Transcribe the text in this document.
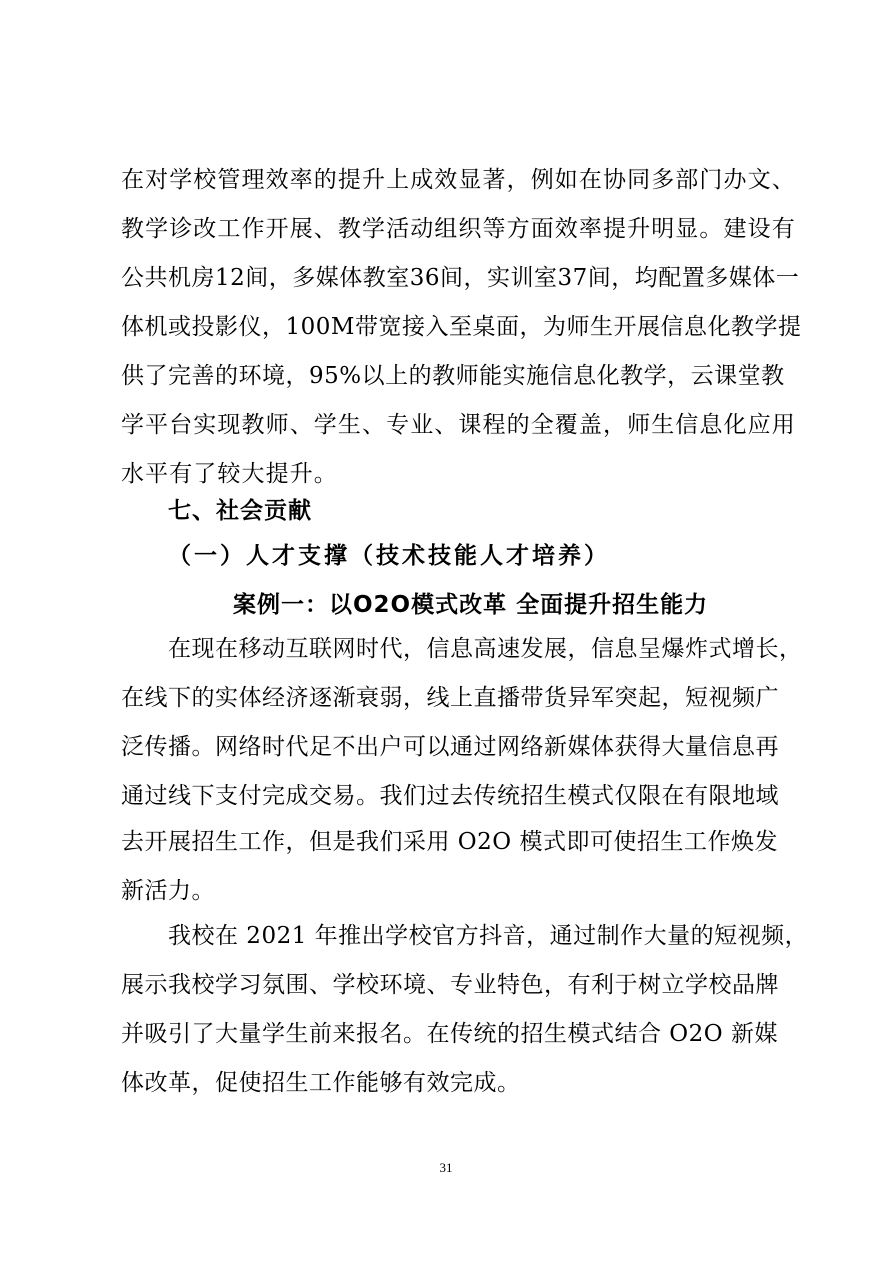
在对学校管理效率的提升上成效显著，例如在协同多部门办文、
教学诊改工作开展、教学活动组织等方面效率提升明显。建设有
公共机房12间，多媒体教室36间，实训室37间，均配置多媒体一
体机或投影仪，100M带宽接入至桌面，为师生开展信息化教学提
供了完善的环境，95%以上的教师能实施信息化教学，云课堂教
学平台实现教师、学生、专业、课程的全覆盖，师生信息化应用
水平有了较大提升。
七、社会贡献
（一）人才支撑（技术技能人才培养）
案例一：以O2O模式改革 全面提升招生能力
在现在移动互联网时代，信息高速发展，信息呈爆炸式增长，
在线下的实体经济逐渐衰弱，线上直播带货异军突起，短视频广
泛传播。网络时代足不出户可以通过网络新媒体获得大量信息再
通过线下支付完成交易。我们过去传统招生模式仅限在有限地域
去开展招生工作，但是我们采用 O2O 模式即可使招生工作焕发
新活力。
我校在 2021 年推出学校官方抖音，通过制作大量的短视频，
展示我校学习氛围、学校环境、专业特色，有利于树立学校品牌
并吸引了大量学生前来报名。在传统的招生模式结合 O2O 新媒
体改革，促使招生工作能够有效完成。
31
